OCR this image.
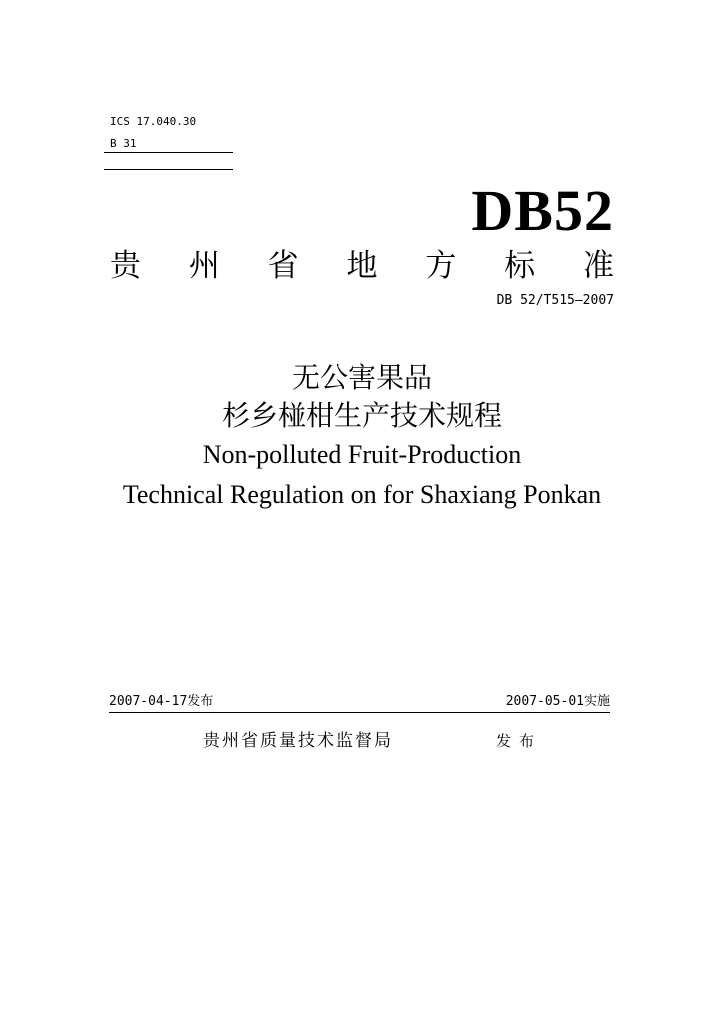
ICS 17.040.30
B 31
DB52
贵 州 省 地 方 标 准
DB 52/T515—2007
无公害果品
杉乡椪柑生产技术规程
Non-polluted Fruit-Production
Technical Regulation on for Shaxiang Ponkan
2007-04-17发布	2007-05-01实施
贵州省质量技术监督局	发布
